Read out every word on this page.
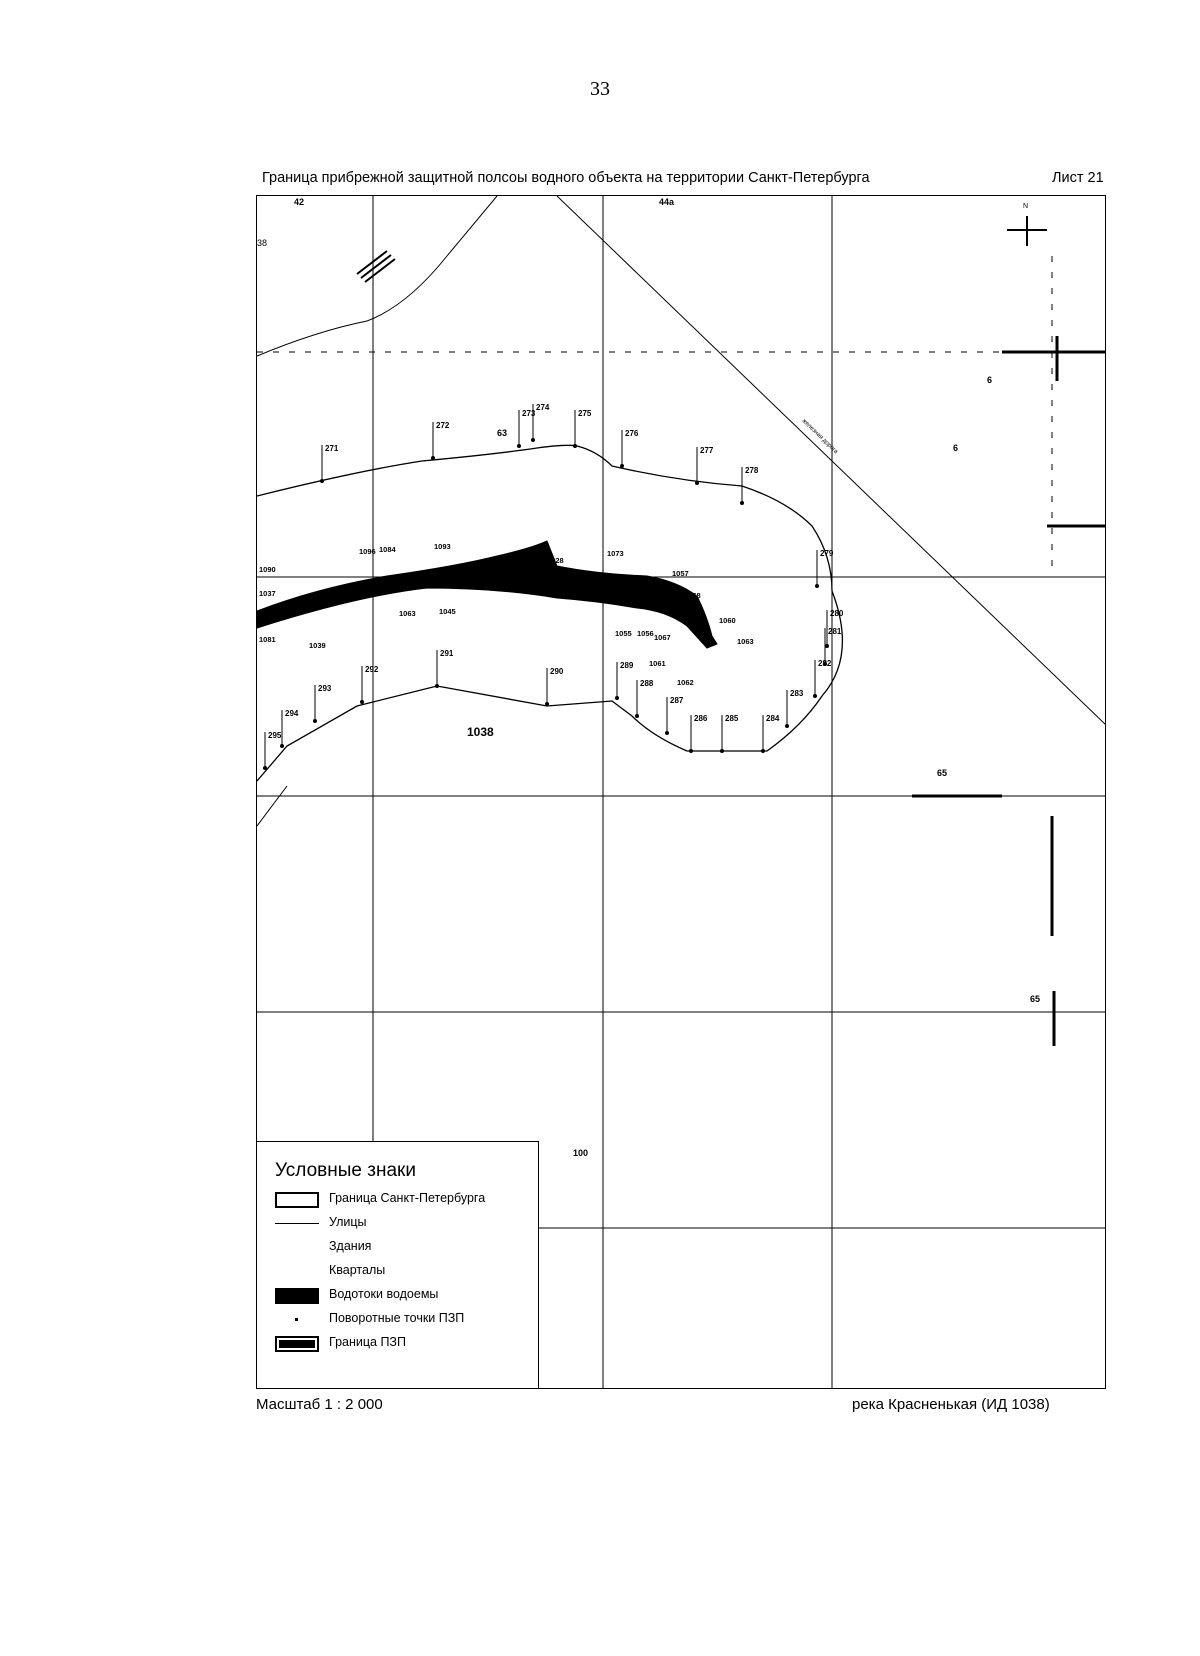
33
Граница прибрежной защитной полсоы водного объекта на территории Санкт-Петербурга	Лист 21
железная дорога
1038
42	44a
38
6
6
65
65
100
63
N
271
272
273
274
275
276
277
278
279
280
281
282
283
284
285
286
287
288
289
290
291
292
293
294
295
1093
1096 1084
1090
1037
1081
1039
1063	1045
1028
1073
1057
1058
1060
1063
1067
1061
1062
1055 1056
Условные знаки
Граница Санкт-Петербурга
Улицы
Здания
Кварталы
Водотоки водоемы
Поворотные точки ПЗП
Граница ПЗП
Масштаб 1 : 2 000	река Красненькая (ИД 1038)
